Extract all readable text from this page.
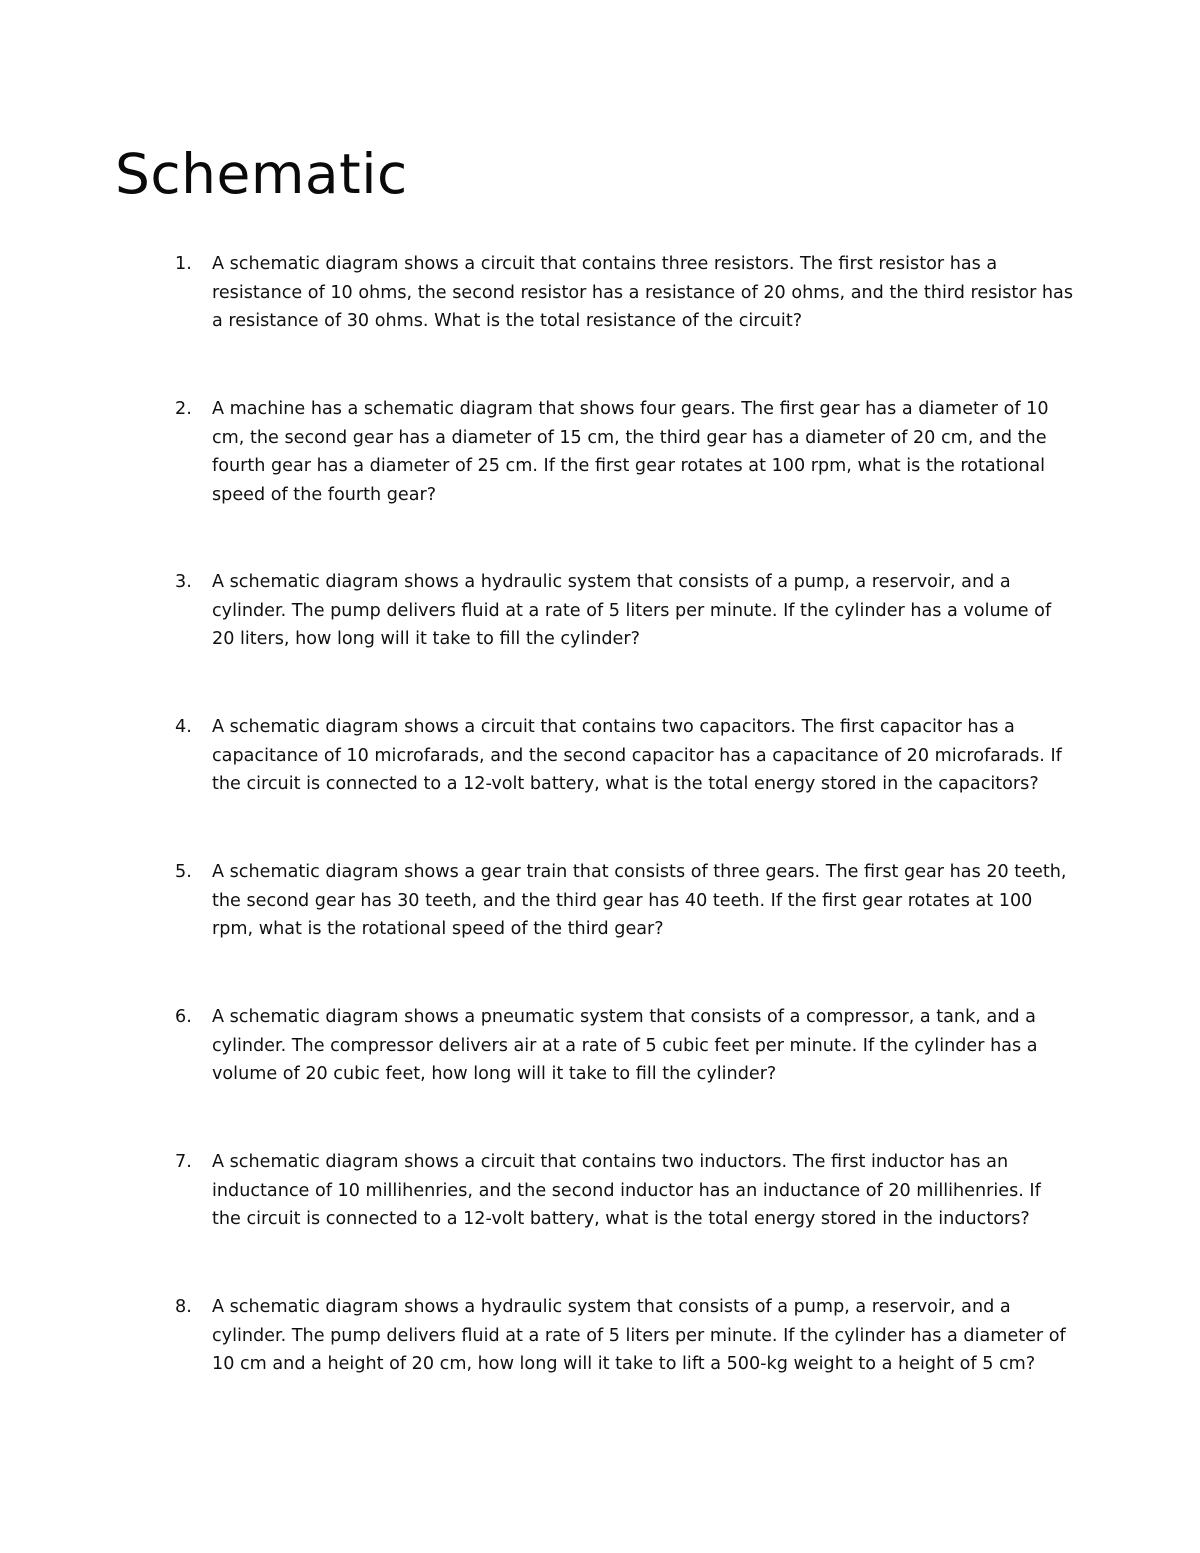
Schematic
1.	A schematic diagram shows a circuit that contains three resistors. The first resistor has a resistance of 10 ohms, the second resistor has a resistance of 20 ohms, and the third resistor has a resistance of 30 ohms. What is the total resistance of the circuit?
2.	A machine has a schematic diagram that shows four gears. The first gear has a diameter of 10 cm, the second gear has a diameter of 15 cm, the third gear has a diameter of 20 cm, and the fourth gear has a diameter of 25 cm. If the first gear rotates at 100 rpm, what is the rotational speed of the fourth gear?
3.	A schematic diagram shows a hydraulic system that consists of a pump, a reservoir, and a cylinder. The pump delivers fluid at a rate of 5 liters per minute. If the cylinder has a volume of 20 liters, how long will it take to fill the cylinder?
4.	A schematic diagram shows a circuit that contains two capacitors. The first capacitor has a capacitance of 10 microfarads, and the second capacitor has a capacitance of 20 microfarads. If the circuit is connected to a 12-volt battery, what is the total energy stored in the capacitors?
5.	A schematic diagram shows a gear train that consists of three gears. The first gear has 20 teeth, the second gear has 30 teeth, and the third gear has 40 teeth. If the first gear rotates at 100 rpm, what is the rotational speed of the third gear?
6.	A schematic diagram shows a pneumatic system that consists of a compressor, a tank, and a cylinder. The compressor delivers air at a rate of 5 cubic feet per minute. If the cylinder has a volume of 20 cubic feet, how long will it take to fill the cylinder?
7.	A schematic diagram shows a circuit that contains two inductors. The first inductor has an inductance of 10 millihenries, and the second inductor has an inductance of 20 millihenries. If the circuit is connected to a 12-volt battery, what is the total energy stored in the inductors?
8.	A schematic diagram shows a hydraulic system that consists of a pump, a reservoir, and a cylinder. The pump delivers fluid at a rate of 5 liters per minute. If the cylinder has a diameter of 10 cm and a height of 20 cm, how long will it take to lift a 500-kg weight to a height of 5 cm?
